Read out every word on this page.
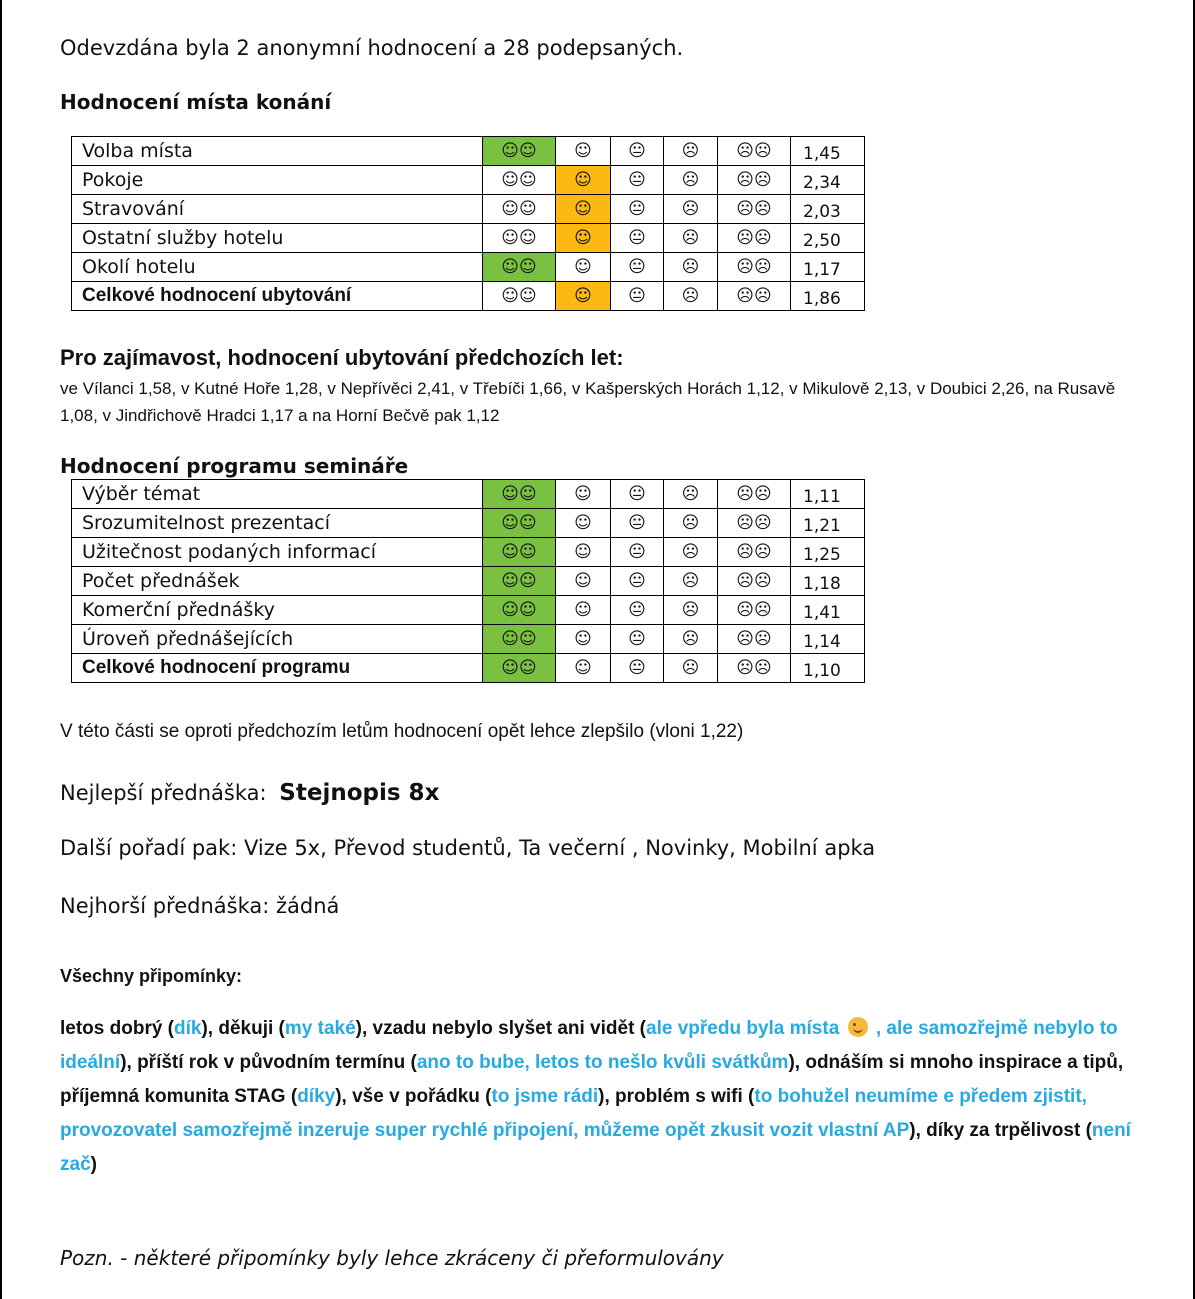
Odevzdána byla 2 anonymní hodnocení a 28 podepsaných.
Hodnocení místa konání
Volba místa	☺☺	☺	😐	☹	☹☹	1,45
Pokoje	☺☺	☺	😐	☹	☹☹	2,34
Stravování	☺☺	☺	😐	☹	☹☹	2,03
Ostatní služby hotelu	☺☺	☺	😐	☹	☹☹	2,50
Okolí hotelu	☺☺	☺	😐	☹	☹☹	1,17
Celkové hodnocení ubytování	☺☺	☺	😐	☹	☹☹	1,86
Pro zajímavost, hodnocení ubytování předchozích let:
ve Vílanci 1,58, v Kutné Hoře 1,28, v Nepřívěci 2,41, v Třebíči 1,66, v Kašperských Horách 1,12, v Mikulově 2,13, v Doubici 2,26, na Rusavě 1,08, v Jindřichově Hradci 1,17 a na Horní Bečvě pak 1,12
Hodnocení programu semináře
Výběr témat	☺☺	☺	😐	☹	☹☹	1,11
Srozumitelnost prezentací	☺☺	☺	😐	☹	☹☹	1,21
Užitečnost podaných informací	☺☺	☺	😐	☹	☹☹	1,25
Počet přednášek	☺☺	☺	😐	☹	☹☹	1,18
Komerční přednášky	☺☺	☺	😐	☹	☹☹	1,41
Úroveň přednášejících	☺☺	☺	😐	☹	☹☹	1,14
Celkové hodnocení programu	☺☺	☺	😐	☹	☹☹	1,10
V této části se oproti předchozím letům hodnocení opět lehce zlepšilo (vloni 1,22)
Nejlepší přednáška: Stejnopis 8x
Další pořadí pak: Vize 5x, Převod studentů, Ta večerní , Novinky, Mobilní apka
Nejhorší přednáška: žádná
Všechny připomínky:
letos dobrý (dík), děkuji (my také), vzadu nebylo slyšet ani vidět (ale vpředu byla místa  , ale samozřejmě nebylo to ideální), příští rok v původním termínu (ano to bube, letos to nešlo kvůli svátkům), odnáším si mnoho inspirace a tipů, příjemná komunita STAG (díky), vše v pořádku (to jsme rádi), problém s wifi (to bohužel neumíme e předem zjistit, provozovatel samozřejmě inzeruje super rychlé připojení, můžeme opět zkusit vozit vlastní AP), díky za trpělivost (není zač)
Pozn. - některé připomínky byly lehce zkráceny či přeformulovány
